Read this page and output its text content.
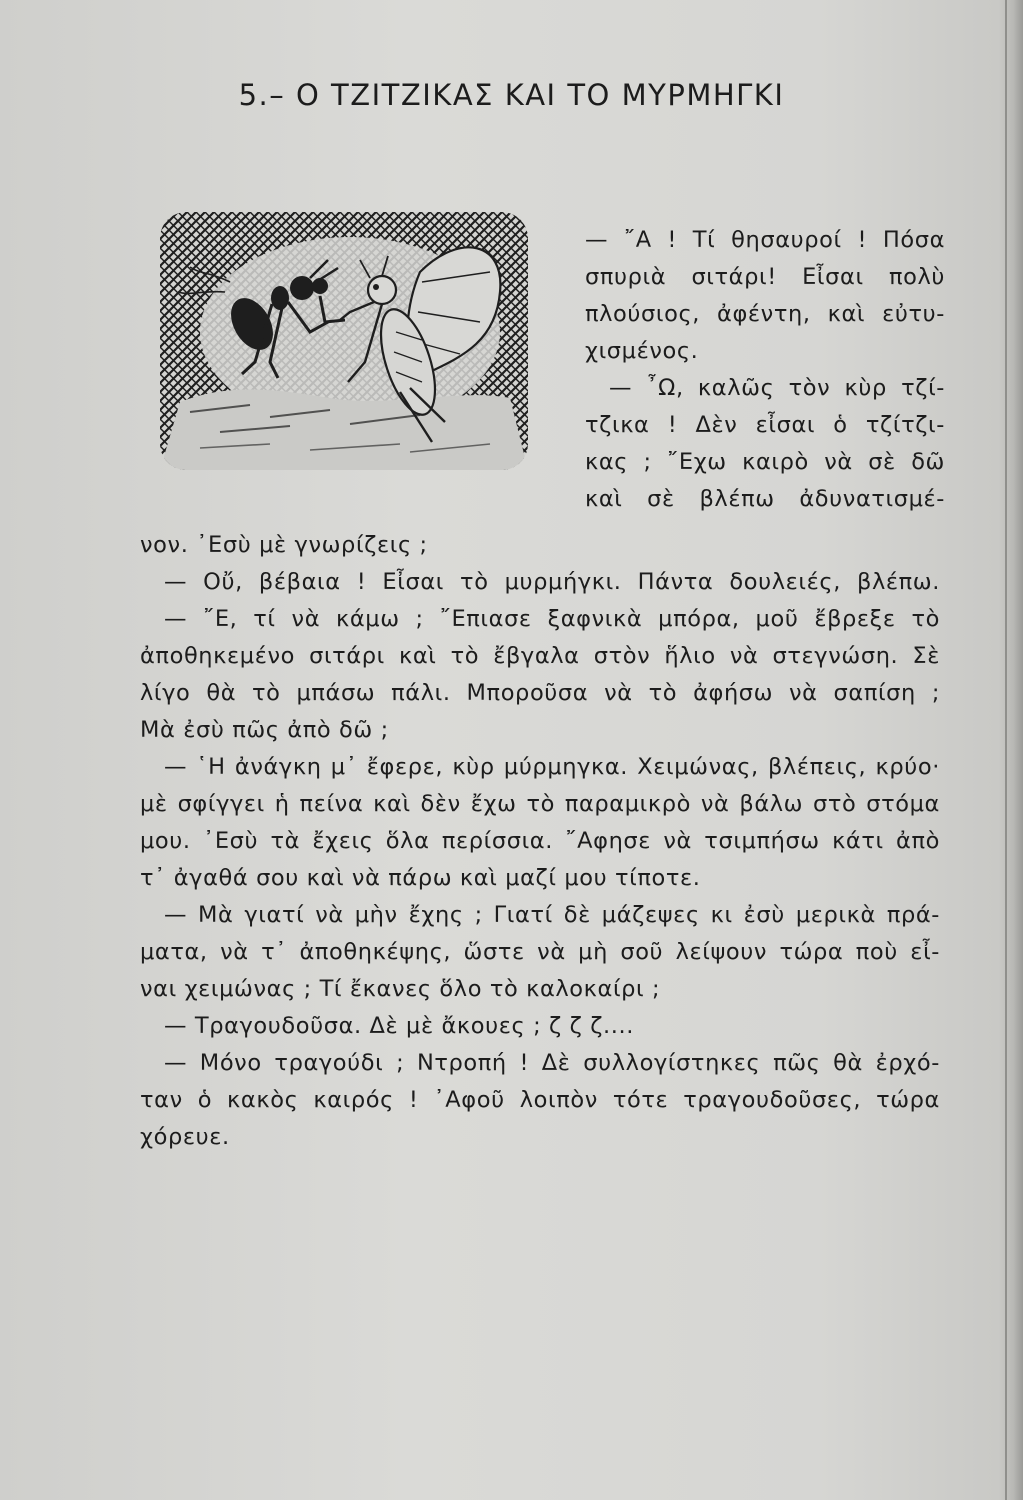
5.– Ο ΤΖΙΤΖΙΚΑΣ ΚΑΙ ΤΟ ΜΥΡΜΗΓΚΙ

— ῎Α ! Τί θησαυροί ! Πόσα

σπυριὰ σιτάρι! Εἶσαι πολὺ

πλούσιος, ἀφέντη, καὶ εὐτυ-

χισμένος.

— ῏Ω, καλῶς τὸν κὺρ τζί-

τζικα ! Δὲν εἶσαι ὁ τζίτζι-

κας ; ῎Εχω καιρὸ νὰ σὲ δῶ

καὶ σὲ βλέπω ἀδυνατισμέ-

νον. ᾿Εσὺ μὲ γνωρίζεις ;

— Οὔ, βέβαια ! Εἶσαι τὸ μυρμήγκι. Πάντα δουλειές, βλέπω.

— ῎Ε, τί νὰ κάμω ; ῎Επιασε ξαφνικὰ μπόρα, μοῦ ἔβρεξε τὸ

ἀποθηκεμένο σιτάρι καὶ τὸ ἔβγαλα στὸν ἥλιο νὰ στεγνώση. Σὲ

λίγο θὰ τὸ μπάσω πάλι. Μποροῦσα νὰ τὸ ἀφήσω νὰ σαπίση ;

Μὰ ἐσὺ πῶς ἀπὸ δῶ ;

— ῾Η ἀνάγκη μ᾿ ἔφερε, κὺρ μύρμηγκα. Χειμώνας, βλέπεις, κρύο·

μὲ σφίγγει ἡ πείνα καὶ δὲν ἔχω τὸ παραμικρὸ νὰ βάλω στὸ στόμα

μου. ᾿Εσὺ τὰ ἔχεις ὅλα περίσσια. ῎Αφησε νὰ τσιμπήσω κάτι ἀπὸ

τ᾿ ἀγαθά σου καὶ νὰ πάρω καὶ μαζί μου τίποτε.

— Μὰ γιατί νὰ μὴν ἔχης ; Γιατί δὲ μάζεψες κι ἐσὺ μερικὰ πρά-

ματα, νὰ τ᾿ ἀποθηκέψης, ὥστε νὰ μὴ σοῦ λείψουν τώρα ποὺ εἶ-

ναι χειμώνας ; Τί ἔκανες ὅλο τὸ καλοκαίρι ;

— Τραγουδοῦσα. Δὲ μὲ ἄκουες ; ζ ζ ζ....

— Μόνο τραγούδι ; Ντροπή ! Δὲ συλλογίστηκες πῶς θὰ ἐρχό-

ταν ὁ κακὸς καιρός ! ᾿Αφοῦ λοιπὸν τότε τραγουδοῦσες, τώρα

χόρευε.
